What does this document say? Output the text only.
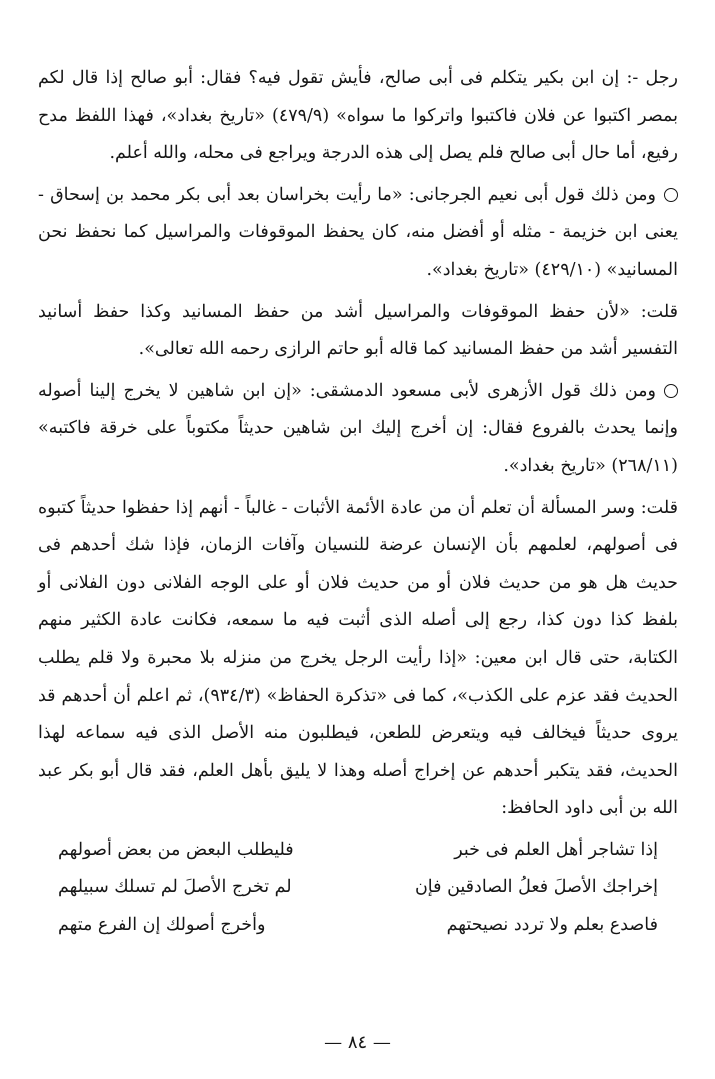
رجل -: إن ابن بكير يتكلم فى أبى صالح، فأيش تقول فيه؟ فقال: أبو صالح إذا قال لكم بمصر اكتبوا عن فلان فاكتبوا واتركوا ما سواه» (٤٧٩/٩) «تاريخ بغداد»، فهذا اللفظ مدح رفيع، أما حال أبى صالح فلم يصل إلى هذه الدرجة ويراجع فى محله، والله أعلم.

ومن ذلك قول أبى نعيم الجرجانى: «ما رأيت بخراسان بعد أبى بكر محمد بن إسحاق - يعنى ابن خزيمة - مثله أو أفضل منه، كان يحفظ الموقوفات والمراسيل كما نحفظ نحن المسانيد» (٤٢٩/١٠) «تاريخ بغداد».

قلت: «لأن حفظ الموقوفات والمراسيل أشد من حفظ المسانيد وكذا حفظ أسانيد التفسير أشد من حفظ المسانيد كما قاله أبو حاتم الرازى رحمه الله تعالى».

ومن ذلك قول الأزهرى لأبى مسعود الدمشقى: «إن ابن شاهين لا يخرج إلينا أصوله وإنما يحدث بالفروع فقال: إن أخرج إليك ابن شاهين حديثاً مكتوباً على خرقة فاكتبه» (٢٦٨/١١) «تاريخ بغداد».

قلت: وسر المسألة أن تعلم أن من عادة الأئمة الأثبات - غالباً - أنهم إذا حفظوا حديثاً كتبوه فى أصولهم، لعلمهم بأن الإنسان عرضة للنسيان وآفات الزمان، فإذا شك أحدهم فى حديث هل هو من حديث فلان أو من حديث فلان أو على الوجه الفلانى دون الفلانى أو بلفظ كذا دون كذا، رجع إلى أصله الذى أثبت فيه ما سمعه، فكانت عادة الكثير منهم الكتابة، حتى قال ابن معين: «إذا رأيت الرجل يخرج من منزله بلا محبرة ولا قلم يطلب الحديث فقد عزم على الكذب»، كما فى «تذكرة الحفاظ» (٩٣٤/٣)، ثم اعلم أن أحدهم قد يروى حديثاً فيخالف فيه ويتعرض للطعن، فيطلبون منه الأصل الذى فيه سماعه لهذا الحديث، فقد يتكبر أحدهم عن إخراج أصله وهذا لا يليق بأهل العلم، فقد قال أبو بكر عبد الله بن أبى داود الحافظ:

إذا تشاجر أهل العلم فى خبر
فليطلب البعض من بعض أصولهم
إخراجك الأصلَ فعلُ الصادقين فإن
لم تخرج الأصلَ لم تسلك سبيلهم
فاصدع بعلم ولا تردد نصيحتهم
وأخرج أصولك إن الفرع متهم
— ٨٤ —
